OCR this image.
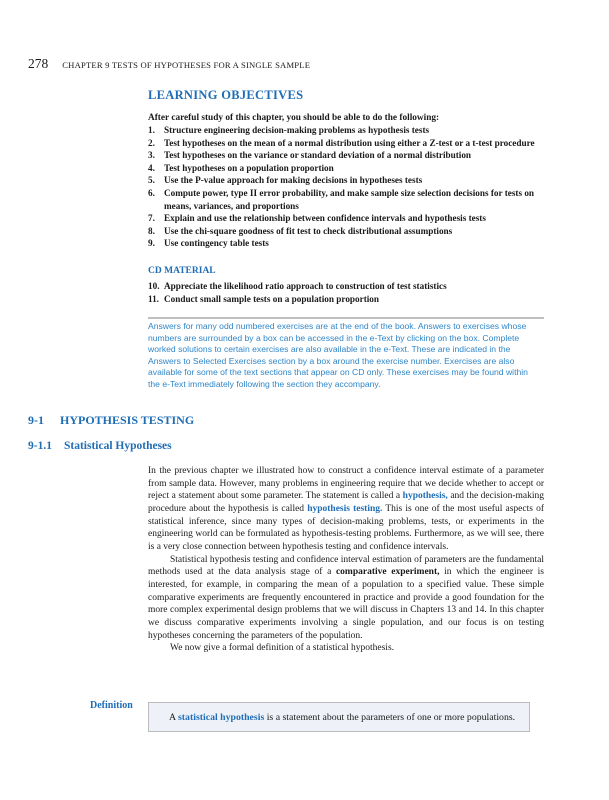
278 CHAPTER 9 TESTS OF HYPOTHESES FOR A SINGLE SAMPLE
LEARNING OBJECTIVES
After careful study of this chapter, you should be able to do the following:
1. Structure engineering decision-making problems as hypothesis tests
2. Test hypotheses on the mean of a normal distribution using either a Z-test or a t-test procedure
3. Test hypotheses on the variance or standard deviation of a normal distribution
4. Test hypotheses on a population proportion
5. Use the P-value approach for making decisions in hypotheses tests
6. Compute power, type II error probability, and make sample size selection decisions for tests on means, variances, and proportions
7. Explain and use the relationship between confidence intervals and hypothesis tests
8. Use the chi-square goodness of fit test to check distributional assumptions
9. Use contingency table tests
CD MATERIAL
10. Appreciate the likelihood ratio approach to construction of test statistics
11. Conduct small sample tests on a population proportion
Answers for many odd numbered exercises are at the end of the book. Answers to exercises whose numbers are surrounded by a box can be accessed in the e-Text by clicking on the box. Complete worked solutions to certain exercises are also available in the e-Text. These are indicated in the Answers to Selected Exercises section by a box around the exercise number. Exercises are also available for some of the text sections that appear on CD only. These exercises may be found within the e-Text immediately following the section they accompany.
9-1 HYPOTHESIS TESTING
9-1.1 Statistical Hypotheses

In the previous chapter we illustrated how to construct a confidence interval estimate of a parameter from sample data. However, many problems in engineering require that we decide whether to accept or reject a statement about some parameter. The statement is called a hypothesis, and the decision-making procedure about the hypothesis is called hypothesis testing. This is one of the most useful aspects of statistical inference, since many types of decision-making problems, tests, or experiments in the engineering world can be formulated as hypothesis-testing problems. Furthermore, as we will see, there is a very close connection between hypothesis testing and confidence intervals.

Statistical hypothesis testing and confidence interval estimation of parameters are the fundamental methods used at the data analysis stage of a comparative experiment, in which the engineer is interested, for example, in comparing the mean of a population to a specified value. These simple comparative experiments are frequently encountered in practice and provide a good foundation for the more complex experimental design problems that we will discuss in Chapters 13 and 14. In this chapter we discuss comparative experiments involving a single population, and our focus is on testing hypotheses concerning the parameters of the population.

We now give a formal definition of a statistical hypothesis.

Definition
A statistical hypothesis is a statement about the parameters of one or more populations.
